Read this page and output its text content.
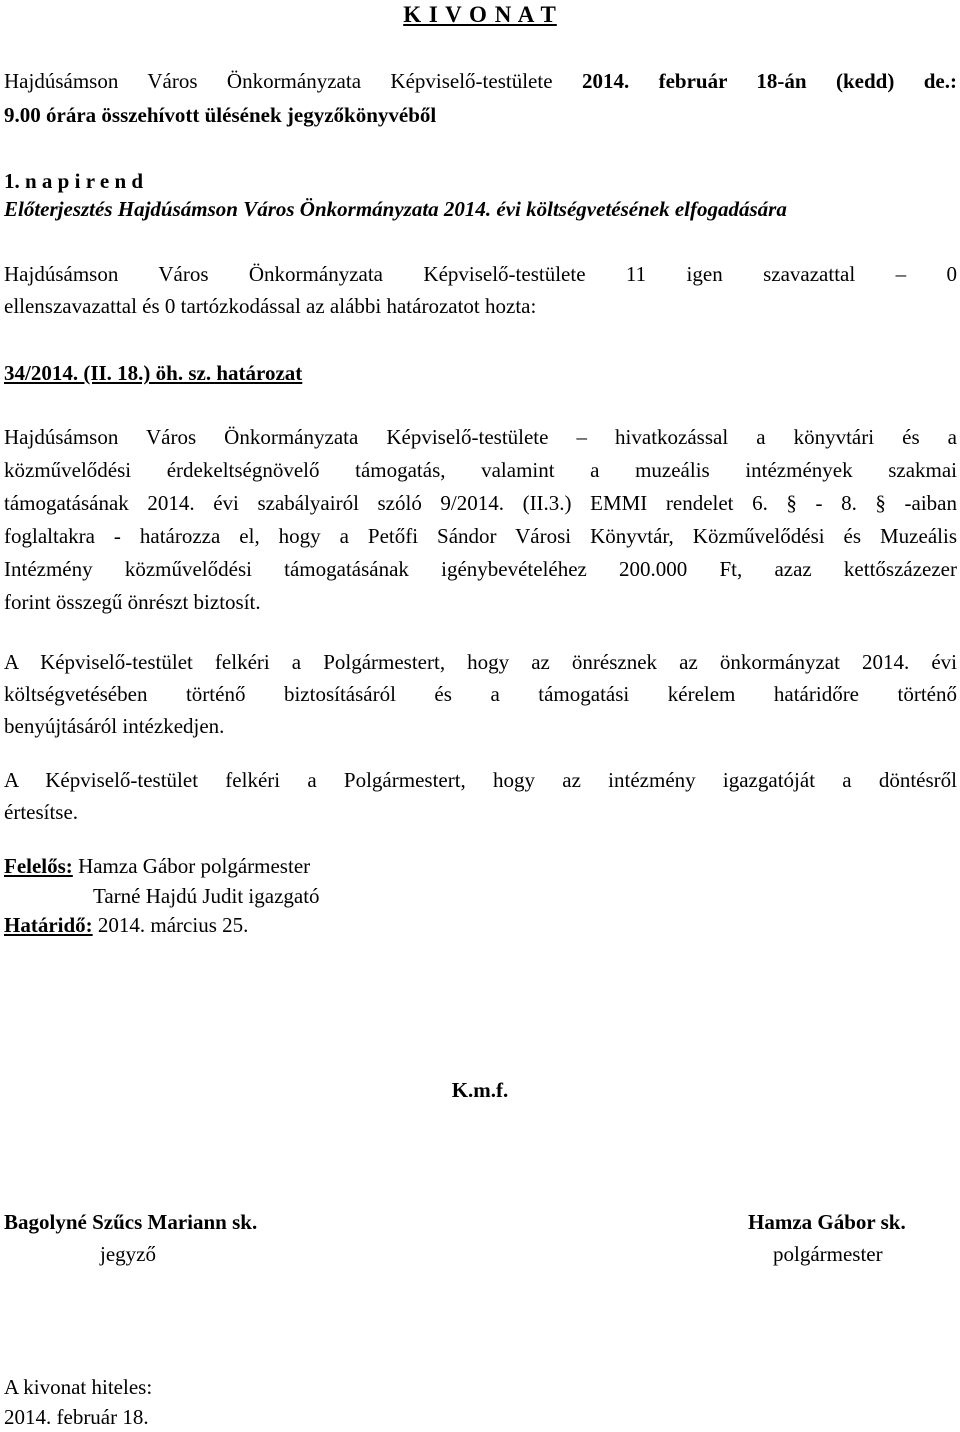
K I V O N A T
Hajdúsámson Város Önkormányzata Képviselő-testülete 2014. február 18-án (kedd) de.:
9.00 órára összehívott ülésének jegyzőkönyvéből
1. n a p i r e n d
Előterjesztés Hajdúsámson Város Önkormányzata 2014. évi költségvetésének elfogadására
Hajdúsámson Város Önkormányzata Képviselő-testülete 11 igen szavazattal – 0
ellenszavazattal és 0 tartózkodással az alábbi határozatot hozta:
34/2014. (II. 18.) öh. sz. határozat
Hajdúsámson Város Önkormányzata Képviselő-testülete – hivatkozással a könyvtári és a
közművelődési érdekeltségnövelő támogatás, valamint a muzeális intézmények szakmai
támogatásának 2014. évi szabályairól szóló 9/2014. (II.3.) EMMI rendelet 6. § - 8. § -aiban
foglaltakra - határozza el, hogy a Petőfi Sándor Városi Könyvtár, Közművelődési és Muzeális
Intézmény közművelődési támogatásának igénybevételéhez 200.000 Ft, azaz kettőszázezer
forint összegű önrészt biztosít.
A Képviselő-testület felkéri a Polgármestert, hogy az önrésznek az önkormányzat 2014. évi
költségvetésében történő biztosításáról és a támogatási kérelem határidőre történő
benyújtásáról intézkedjen.
A Képviselő-testület felkéri a Polgármestert, hogy az intézmény igazgatóját a döntésről
értesítse.
Felelős: Hamza Gábor polgármester
Tarné Hajdú Judit igazgató
Határidő: 2014. március 25.
K.m.f.
Bagolyné Szűcs Mariann sk.
jegyző
Hamza Gábor sk.
polgármester
A kivonat hiteles:
2014. február 18.
